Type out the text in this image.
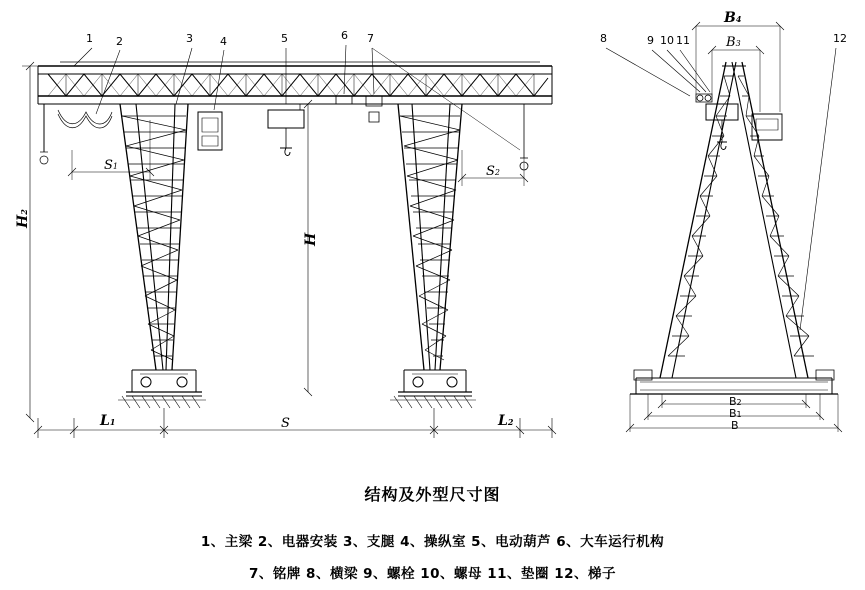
1 2	3 4	5	6 7	8	9 10 11	12
H2
H
S1	S2
L1	S	L2
B4
B3
B2
B1
B
结构及外型尺寸图
1、主梁 2、电器安装 3、支腿 4、操纵室 5、电动葫芦 6、大车运行机构
7、铭牌 8、横梁 9、螺栓 10、螺母 11、垫圈 12、梯子
